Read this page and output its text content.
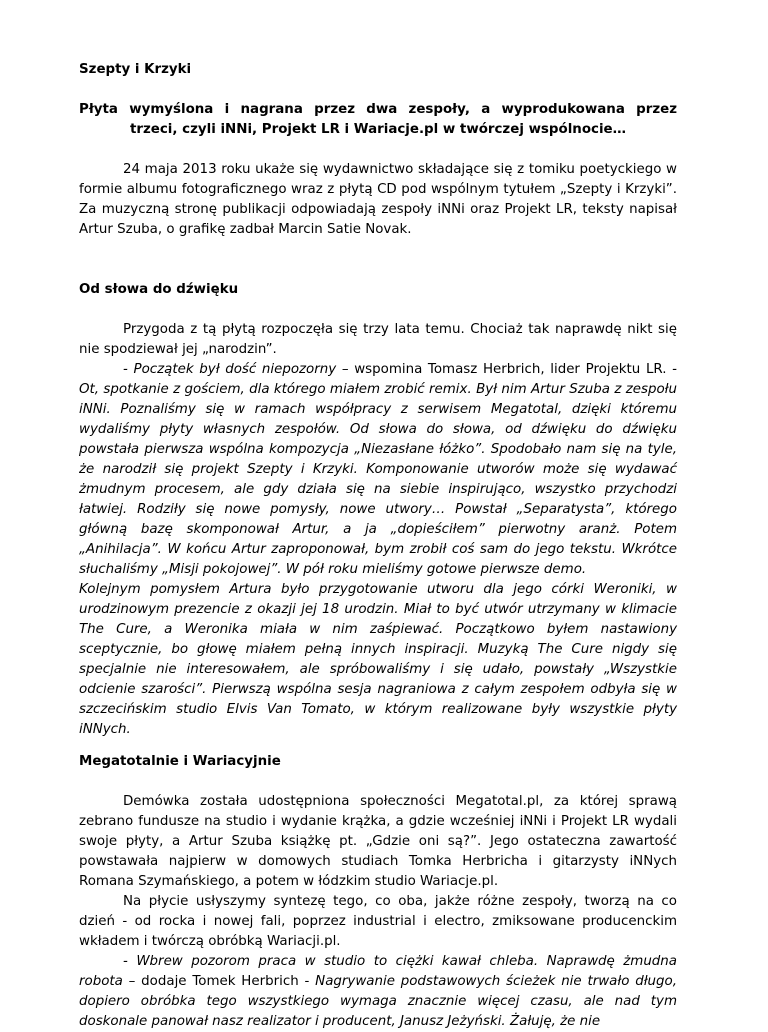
Szepty i Krzyki

Płyta wymyślona i nagrana przez dwa zespoły, a wyprodukowana przez

trzeci, czyli iNNi, Projekt LR i Wariacje.pl w twórczej wspólnocie…

24 maja 2013 roku ukaże się wydawnictwo składające się z tomiku poetyckiego w formie albumu fotograficznego wraz z płytą CD pod wspólnym tytułem „Szepty i Krzyki”. Za muzyczną stronę publikacji odpowiadają zespoły iNNi oraz Projekt LR, teksty napisał Artur Szuba, o grafikę zadbał Marcin Satie Novak.

Od słowa do dźwięku

Przygoda z tą płytą rozpoczęła się trzy lata temu. Chociaż tak naprawdę nikt się nie spodziewał jej „narodzin”.

- Początek był dość niepozorny – wspomina Tomasz Herbrich, lider Projektu LR. - Ot, spotkanie z gościem, dla którego miałem zrobić remix. Był nim Artur Szuba z zespołu iNNi. Poznaliśmy się w ramach współpracy z serwisem Megatotal, dzięki któremu wydaliśmy płyty własnych zespołów. Od słowa do słowa, od dźwięku do dźwięku powstała pierwsza wspólna kompozycja „Niezasłane łóżko”. Spodobało nam się na tyle, że narodził się projekt Szepty i Krzyki. Komponowanie utworów może się wydawać żmudnym procesem, ale gdy działa się na siebie inspirująco, wszystko przychodzi łatwiej. Rodziły się nowe pomysły, nowe utwory… Powstał „Separatysta”, którego główną bazę skomponował Artur, a ja „dopieściłem” pierwotny aranż. Potem „Anihilacja”. W końcu Artur zaproponował, bym zrobił coś sam do jego tekstu. Wkrótce słuchaliśmy „Misji pokojowej”. W pół roku mieliśmy gotowe pierwsze demo.

Kolejnym pomysłem Artura było przygotowanie utworu dla jego córki Weroniki, w urodzinowym prezencie z okazji jej 18 urodzin. Miał to być utwór utrzymany w klimacie The Cure, a Weronika miała w nim zaśpiewać. Początkowo byłem nastawiony sceptycznie, bo głowę miałem pełną innych inspiracji. Muzyką The Cure nigdy się specjalnie nie interesowałem, ale spróbowaliśmy i się udało, powstały „Wszystkie odcienie szarości”. Pierwszą wspólna sesja nagraniowa z całym zespołem odbyła się w szczecińskim studio Elvis Van Tomato, w którym realizowane były wszystkie płyty iNNych.

Megatotalnie i Wariacyjnie

Demówka została udostępniona społeczności Megatotal.pl, za której sprawą zebrano fundusze na studio i wydanie krążka, a gdzie wcześniej iNNi i Projekt LR wydali swoje płyty, a Artur Szuba książkę pt. „Gdzie oni są?”. Jego ostateczna zawartość powstawała najpierw w domowych studiach Tomka Herbricha i gitarzysty iNNych Romana Szymańskiego, a potem w łódzkim studio Wariacje.pl.

Na płycie usłyszymy syntezę tego, co oba, jakże różne zespoły, tworzą na co dzień - od rocka i nowej fali, poprzez industrial i electro, zmiksowane producenckim wkładem i twórczą obróbką Wariacji.pl.

- Wbrew pozorom praca w studio to ciężki kawał chleba. Naprawdę żmudna robota – dodaje Tomek Herbrich - Nagrywanie podstawowych ścieżek nie trwało długo, dopiero obróbka tego wszystkiego wymaga znacznie więcej czasu, ale nad tym doskonale panował nasz realizator i producent, Janusz Jeżyński. Żałuję, że nie
